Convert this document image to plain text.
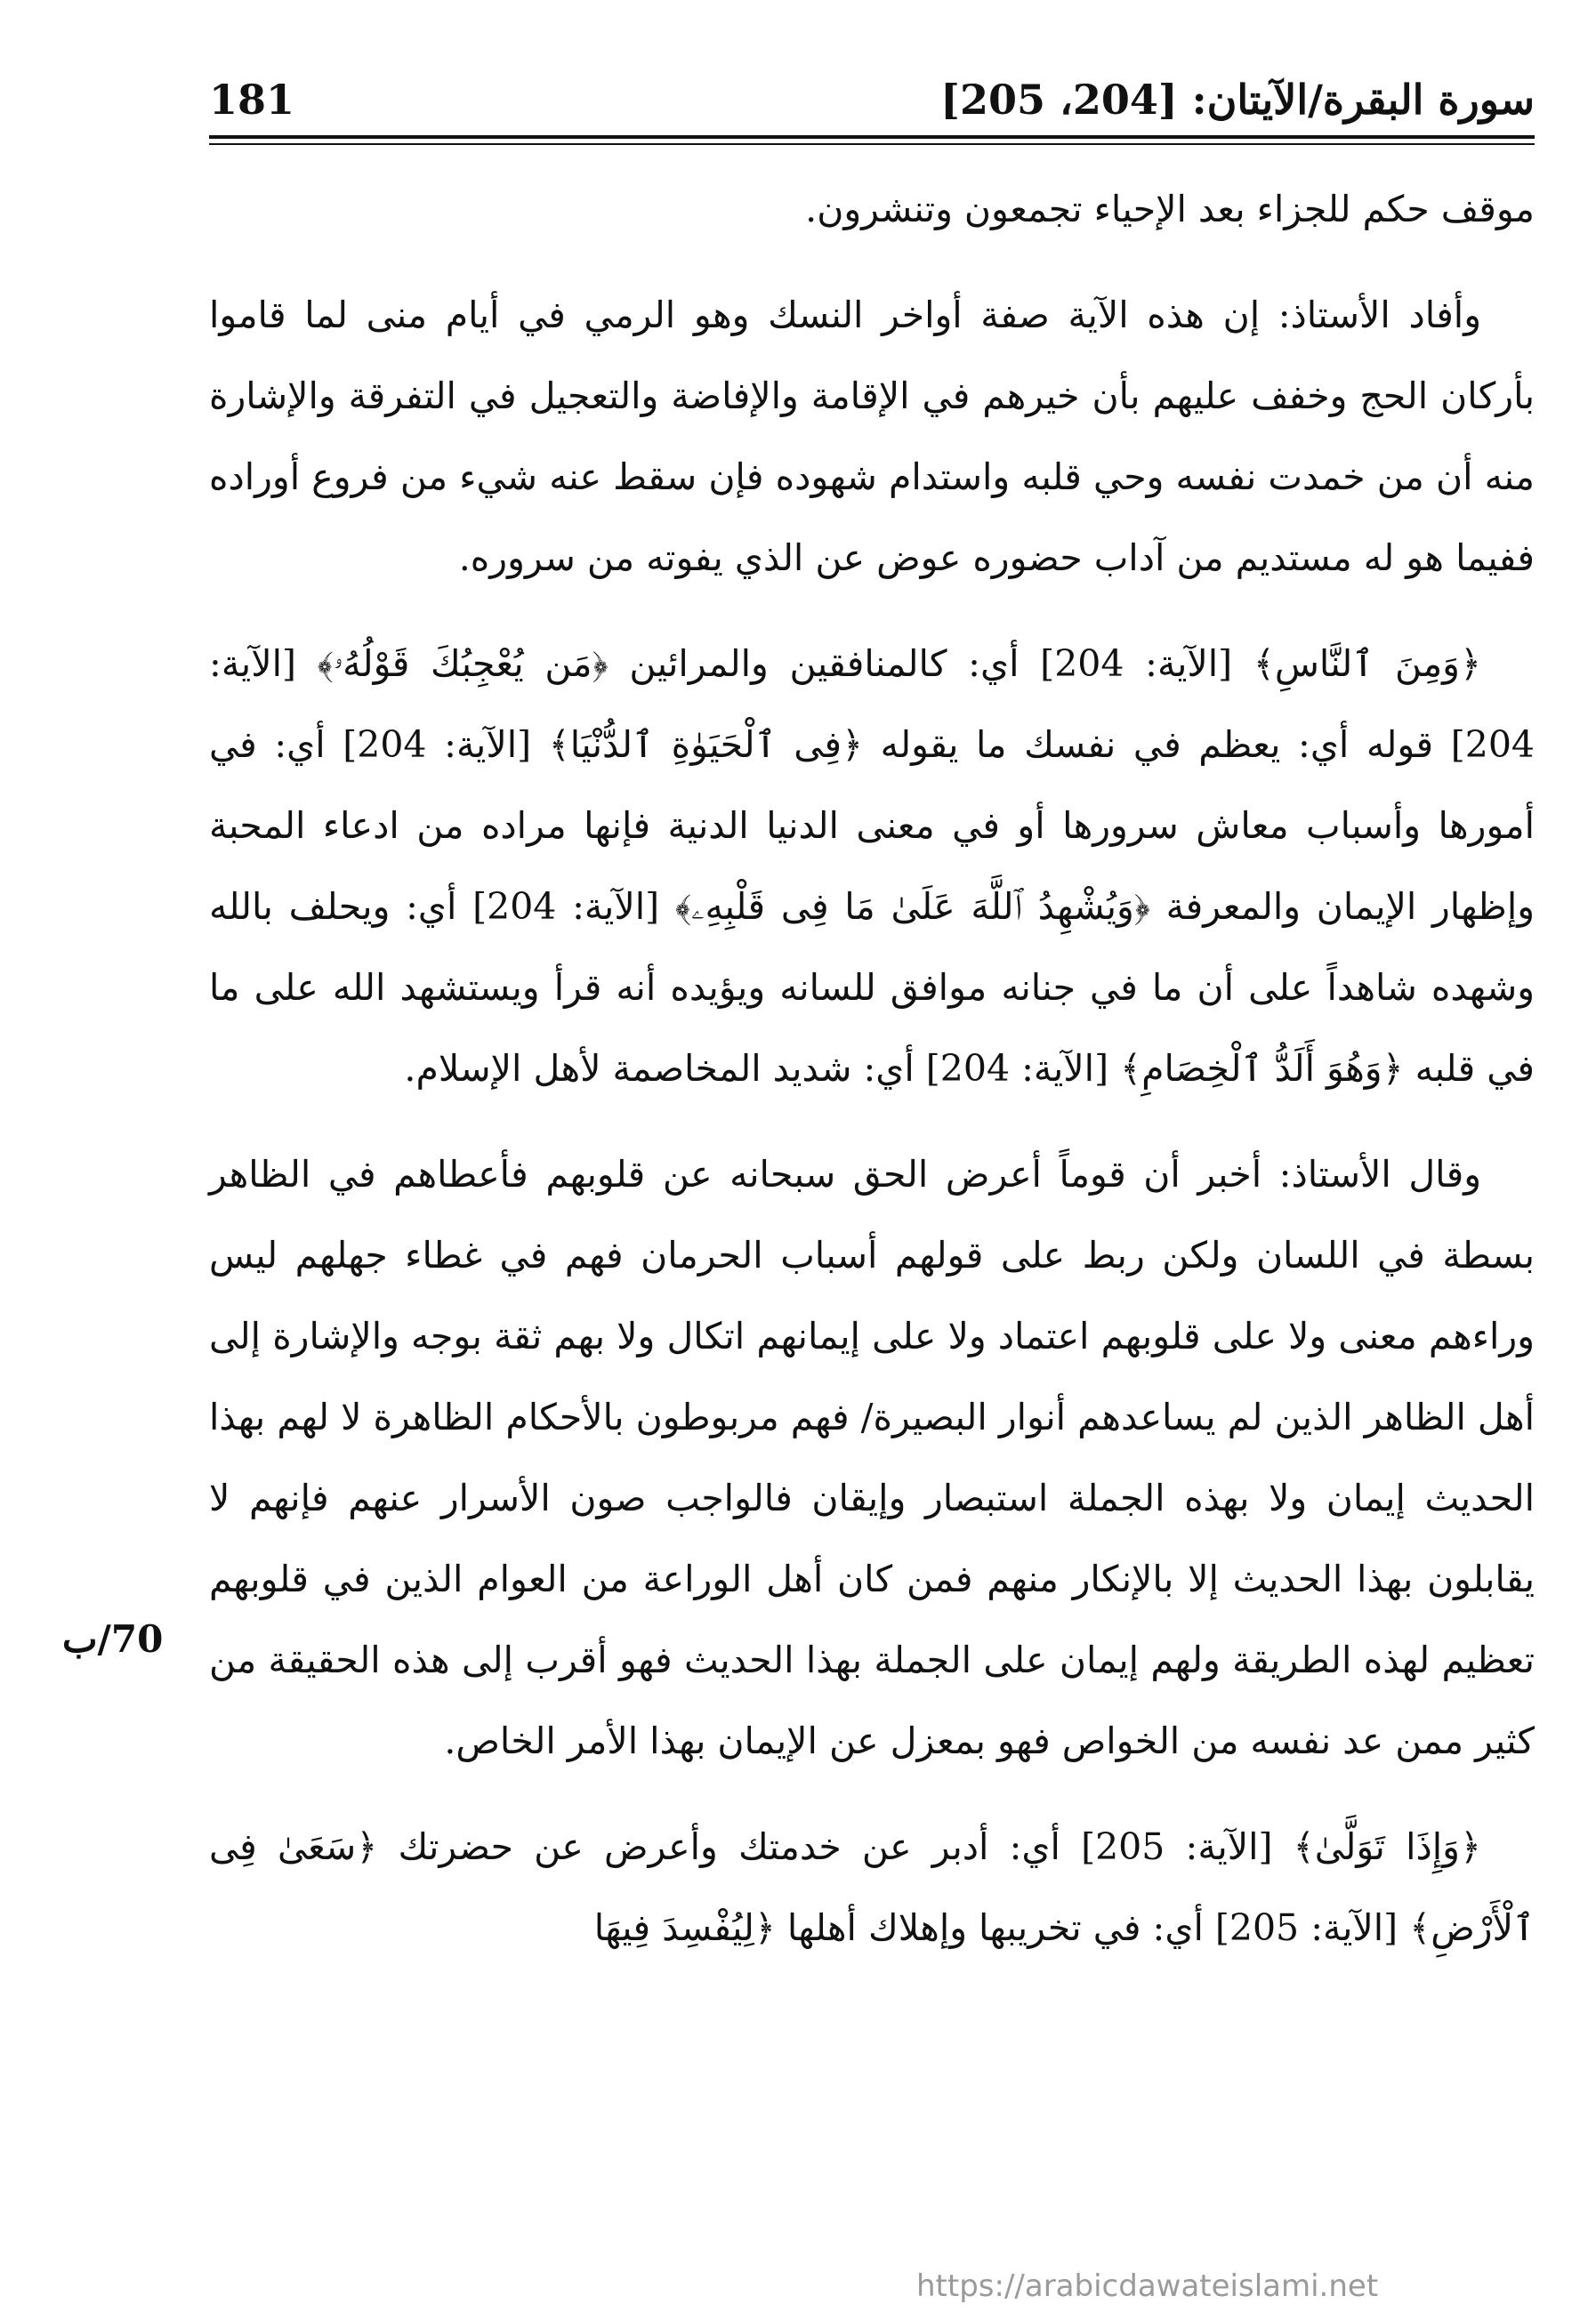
181	سورة البقرة/الآيتان: [204، 205]

موقف حكم للجزاء بعد الإحياء تجمعون وتنشرون.

وأفاد الأستاذ: إن هذه الآية صفة أواخر النسك وهو الرمي في أيام منى لما قاموا بأركان الحج وخفف عليهم بأن خيرهم في الإقامة والإفاضة والتعجيل في التفرقة والإشارة منه أن من خمدت نفسه وحي قلبه واستدام شهوده فإن سقط عنه شيء من فروع أوراده ففيما هو له مستديم من آداب حضوره عوض عن الذي يفوته من سروره.

﴿وَمِنَ ٱلنَّاسِ﴾ [الآية: 204] أي: كالمنافقين والمرائين ﴿مَن يُعْجِبُكَ قَوْلُهُۥ﴾ [الآية: 204] قوله أي: يعظم في نفسك ما يقوله ﴿فِى ٱلْحَيَوٰةِ ٱلدُّنْيَا﴾ [الآية: 204] أي: في أمورها وأسباب معاش سرورها أو في معنى الدنيا الدنية فإنها مراده من ادعاء المحبة وإظهار الإيمان والمعرفة ﴿وَيُشْهِدُ ٱللَّهَ عَلَىٰ مَا فِى قَلْبِهِۦ﴾ [الآية: 204] أي: ويحلف بالله وشهده شاهداً على أن ما في جنانه موافق للسانه ويؤيده أنه قرأ ويستشهد الله على ما في قلبه ﴿وَهُوَ أَلَدُّ ٱلْخِصَامِ﴾ [الآية: 204] أي: شديد المخاصمة لأهل الإسلام.

وقال الأستاذ: أخبر أن قوماً أعرض الحق سبحانه عن قلوبهم فأعطاهم في الظاهر بسطة في اللسان ولكن ربط على قولهم أسباب الحرمان فهم في غطاء جهلهم ليس وراءهم معنى ولا على قلوبهم اعتماد ولا على إيمانهم اتكال ولا بهم ثقة بوجه والإشارة إلى أهل الظاهر الذين لم يساعدهم أنوار البصيرة/ فهم مربوطون بالأحكام الظاهرة لا لهم بهذا الحديث إيمان ولا بهذه الجملة استبصار وإيقان فالواجب صون الأسرار عنهم فإنهم لا يقابلون بهذا الحديث إلا بالإنكار منهم فمن كان أهل الوراعة من العوام الذين في قلوبهم تعظيم لهذه الطريقة ولهم إيمان على الجملة بهذا الحديث فهو أقرب إلى هذه الحقيقة من كثير ممن عد نفسه من الخواص فهو بمعزل عن الإيمان بهذا الأمر الخاص.

﴿وَإِذَا تَوَلَّىٰ﴾ [الآية: 205] أي: أدبر عن خدمتك وأعرض عن حضرتك ﴿سَعَىٰ فِى ٱلْأَرْضِ﴾ [الآية: 205] أي: في تخريبها وإهلاك أهلها ﴿لِيُفْسِدَ فِيهَا

70/ب
https://arabicdawateislami.net
